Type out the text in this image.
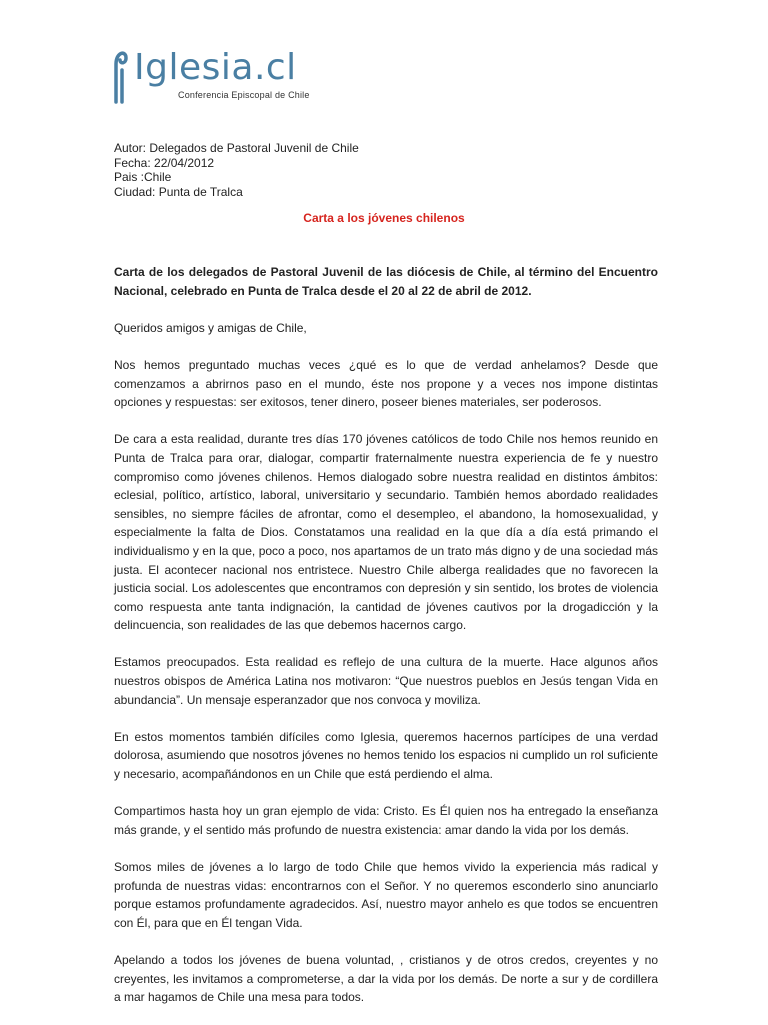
Iglesia.cl
Conferencia Episcopal de Chile
Autor: Delegados de Pastoral Juvenil de Chile
Fecha: 22/04/2012
Pais :Chile
Ciudad: Punta de Tralca
Carta a los jóvenes chilenos

Carta de los delegados de Pastoral Juvenil de las diócesis de Chile, al término del Encuentro Nacional, celebrado en Punta de Tralca desde el 20 al 22 de abril de 2012.

Queridos amigos y amigas de Chile,

Nos hemos preguntado muchas veces ¿qué es lo que de verdad anhelamos? Desde que comenzamos a abrirnos paso en el mundo, éste nos propone y a veces nos impone distintas opciones y respuestas: ser exitosos, tener dinero, poseer bienes materiales, ser poderosos.

De cara a esta realidad, durante tres días 170 jóvenes católicos de todo Chile nos hemos reunido en Punta de Tralca para orar, dialogar, compartir fraternalmente nuestra experiencia de fe y nuestro compromiso como jóvenes chilenos. Hemos dialogado sobre nuestra realidad en distintos ámbitos: eclesial, político, artístico, laboral, universitario y secundario. También hemos abordado realidades sensibles, no siempre fáciles de afrontar, como el desempleo, el abandono, la homosexualidad, y especialmente la falta de Dios. Constatamos una realidad en la que día a día está primando el individualismo y en la que, poco a poco, nos apartamos de un trato más digno y de una sociedad más justa. El acontecer nacional nos entristece. Nuestro Chile alberga realidades que no favorecen la justicia social. Los adolescentes que encontramos con depresión y sin sentido, los brotes de violencia como respuesta ante tanta indignación, la cantidad de jóvenes cautivos por la drogadicción y la delincuencia, son realidades de las que debemos hacernos cargo.

Estamos preocupados. Esta realidad es reflejo de una cultura de la muerte. Hace algunos años nuestros obispos de América Latina nos motivaron: “Que nuestros pueblos en Jesús tengan Vida en abundancia”. Un mensaje esperanzador que nos convoca y moviliza.

En estos momentos también difíciles como Iglesia, queremos hacernos partícipes de una verdad dolorosa, asumiendo que nosotros jóvenes no hemos tenido los espacios ni cumplido un rol suficiente y necesario, acompañándonos en un Chile que está perdiendo el alma.

Compartimos hasta hoy un gran ejemplo de vida: Cristo. Es Él quien nos ha entregado la enseñanza más grande, y el sentido más profundo de nuestra existencia: amar dando la vida por los demás.

Somos miles de jóvenes a lo largo de todo Chile que hemos vivido la experiencia más radical y profunda de nuestras vidas: encontrarnos con el Señor. Y no queremos esconderlo sino anunciarlo porque estamos profundamente agradecidos. Así, nuestro mayor anhelo es que todos se encuentren con Él, para que en Él tengan Vida.

Apelando a todos los jóvenes de buena voluntad, , cristianos y de otros credos, creyentes y no creyentes, les invitamos a comprometerse, a dar la vida por los demás. De norte a sur y de cordillera a mar hagamos de Chile una mesa para todos.
